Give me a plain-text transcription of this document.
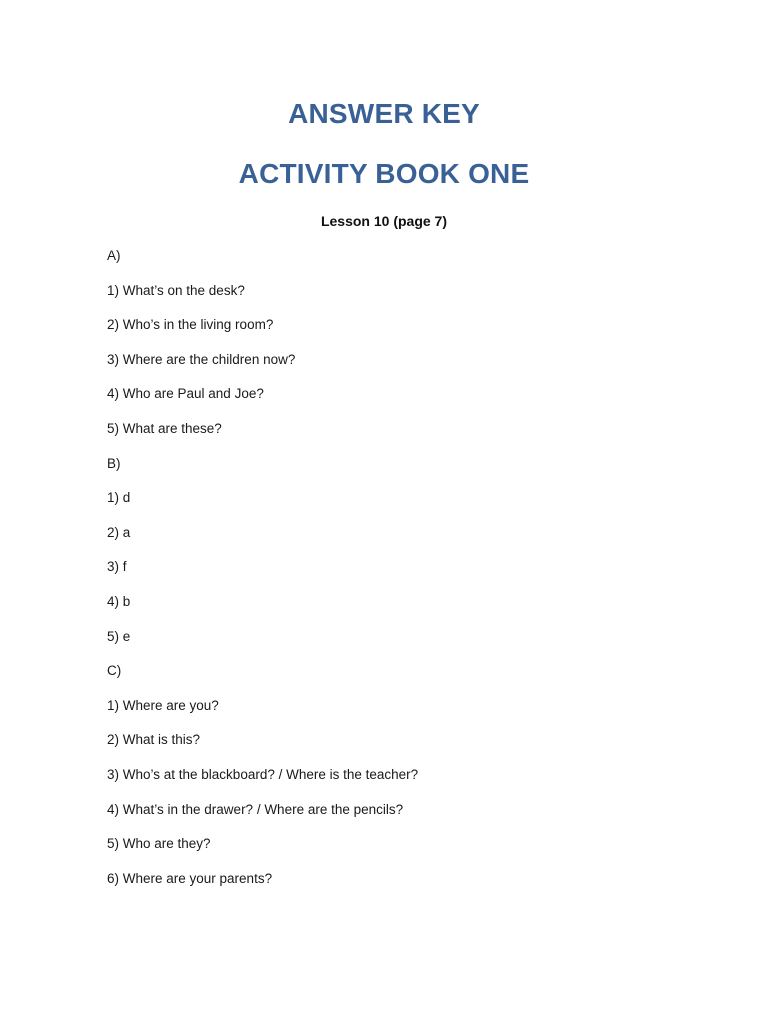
ANSWER KEY
ACTIVITY BOOK ONE
Lesson 10 (page 7)
A)
1) What’s on the desk?
2) Who’s in the living room?
3) Where are the children now?
4) Who are Paul and Joe?
5) What are these?
B)
1) d
2) a
3) f
4) b
5) e
C)
1) Where are you?
2) What is this?
3) Who’s at the blackboard? / Where is the teacher?
4) What’s in the drawer? / Where are the pencils?
5) Who are they?
6) Where are your parents?
